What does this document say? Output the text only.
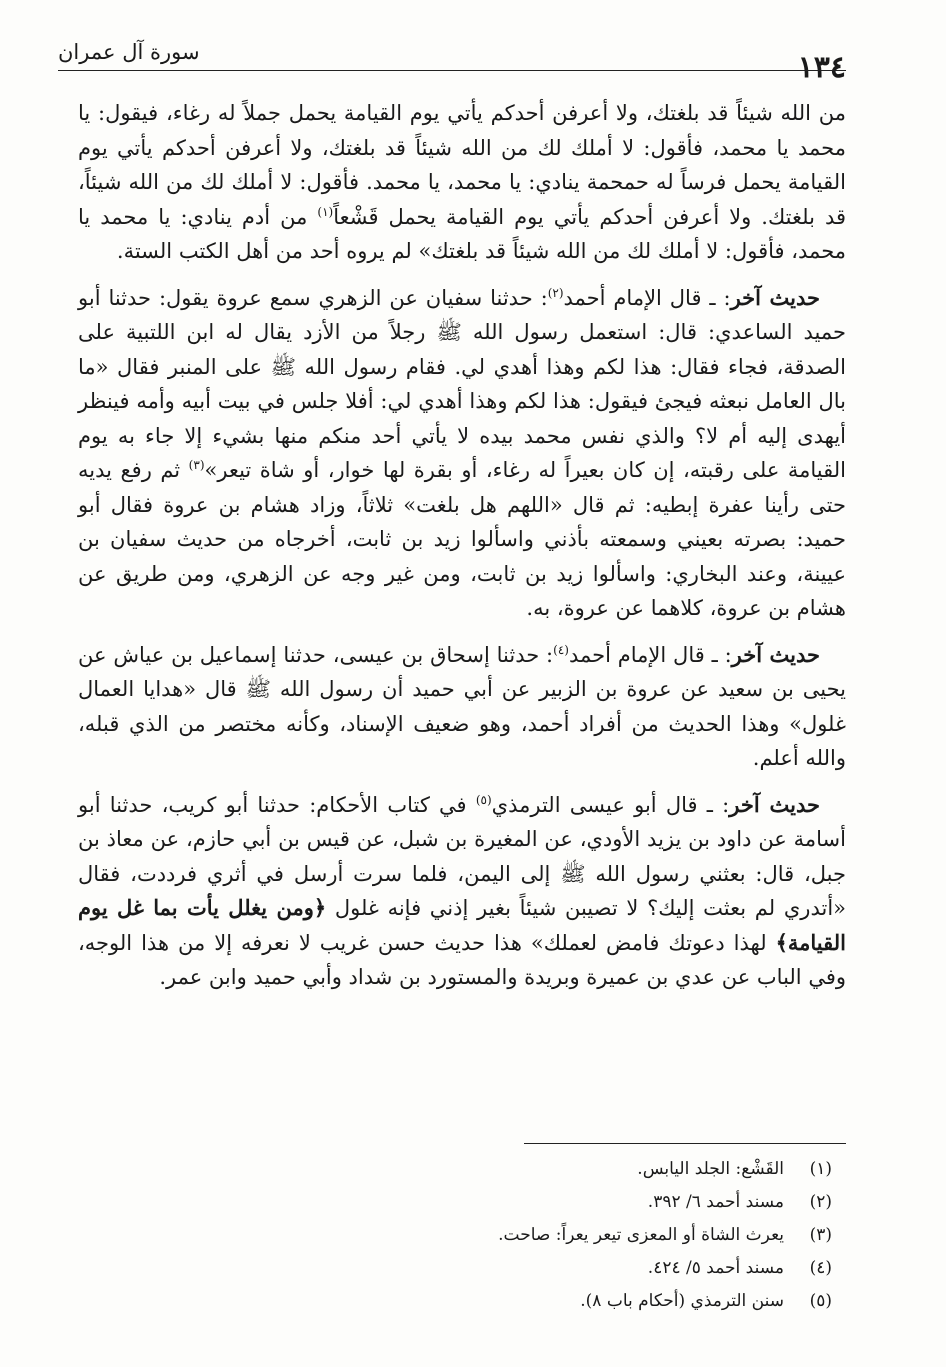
١٣٤
سورة آل عمران

من الله شيئاً قد بلغتك، ولا أعرفن أحدكم يأتي يوم القيامة يحمل جملاً له رغاء، فيقول: يا محمد يا محمد، فأقول: لا أملك لك من الله شيئاً قد بلغتك، ولا أعرفن أحدكم يأتي يوم القيامة يحمل فرساً له حمحمة ينادي: يا محمد، يا محمد. فأقول: لا أملك لك من الله شيئاً، قد بلغتك. ولا أعرفن أحدكم يأتي يوم القيامة يحمل قَشْعاً$^{(١)}$ من أدم ينادي: يا محمد يا محمد، فأقول: لا أملك لك من الله شيئاً قد بلغتك» لم يروه أحد من أهل الكتب الستة.

حديث آخر: ـ قال الإمام أحمد$^{(٢)}$: حدثنا سفيان عن الزهري سمع عروة يقول: حدثنا أبو حميد الساعدي: قال: استعمل رسول الله ﷺ رجلاً من الأزد يقال له ابن اللتبية على الصدقة، فجاء فقال: هذا لكم وهذا أهدي لي. فقام رسول الله ﷺ على المنبر فقال «ما بال العامل نبعثه فيجئ فيقول: هذا لكم وهذا أهدي لي: أفلا جلس في بيت أبيه وأمه فينظر أيهدى إليه أم لا؟ والذي نفس محمد بيده لا يأتي أحد منكم منها بشيء إلا جاء به يوم القيامة على رقبته، إن كان بعيراً له رغاء، أو بقرة لها خوار، أو شاة تيعر»$^{(٣)}$ ثم رفع يديه حتى رأينا عفرة إبطيه: ثم قال «اللهم هل بلغت» ثلاثاً، وزاد هشام بن عروة فقال أبو حميد: بصرته بعيني وسمعته بأذني واسألوا زيد بن ثابت، أخرجاه من حديث سفيان بن عيينة، وعند البخاري: واسألوا زيد بن ثابت، ومن غير وجه عن الزهري، ومن طريق عن هشام بن عروة، كلاهما عن عروة، به.

حديث آخر: ـ قال الإمام أحمد$^{(٤)}$: حدثنا إسحاق بن عيسى، حدثنا إسماعيل بن عياش عن يحيى بن سعيد عن عروة بن الزبير عن أبي حميد أن رسول الله ﷺ قال «هدايا العمال غلول» وهذا الحديث من أفراد أحمد، وهو ضعيف الإسناد، وكأنه مختصر من الذي قبله، والله أعلم.

حديث آخر: ـ قال أبو عيسى الترمذي$^{(٥)}$ في كتاب الأحكام: حدثنا أبو كريب، حدثنا أبو أسامة عن داود بن يزيد الأودي، عن المغيرة بن شبل، عن قيس بن أبي حازم، عن معاذ بن جبل، قال: بعثني رسول الله ﷺ إلى اليمن، فلما سرت أرسل في أثري فرددت، فقال «أتدري لم بعثت إليك؟ لا تصيبن شيئاً بغير إذني فإنه غلول ﴿ومن يغلل يأت بما غل يوم القيامة﴾ لهذا دعوتك فامض لعملك» هذا حديث حسن غريب لا نعرفه إلا من هذا الوجه، وفي الباب عن عدي بن عميرة وبريدة والمستورد بن شداد وأبي حميد وابن عمر.

(١)
القَشْع: الجلد اليابس.
(٢)
مسند أحمد ٦/ ٣٩٢.
(٣)
يعرث الشاة أو المعزى تيعر يعراً: صاحت.
(٤)
مسند أحمد ٥/ ٤٢٤.
(٥)
سنن الترمذي (أحكام باب ٨).
